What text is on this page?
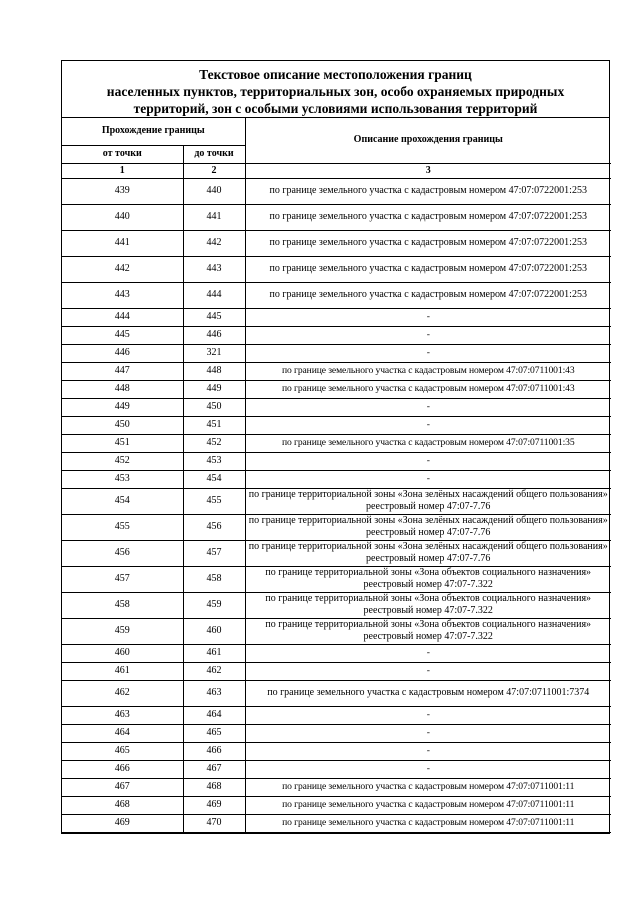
Текстовое описание местоположения границ
населенных пунктов, территориальных зон, особо охраняемых природных
территорий, зон с особыми условиями использования территорий
Прохождение границы		Описание прохождения границы
от точки	до точки	
1	2	3
439	440	по границе земельного участка с кадастровым номером 47:07:0722001:253
440	441	по границе земельного участка с кадастровым номером 47:07:0722001:253
441	442	по границе земельного участка с кадастровым номером 47:07:0722001:253
442	443	по границе земельного участка с кадастровым номером 47:07:0722001:253
443	444	по границе земельного участка с кадастровым номером 47:07:0722001:253
444	445	-
445	446	-
446	321	-
447	448	по границе земельного участка с кадастровым номером 47:07:0711001:43
448	449	по границе земельного участка с кадастровым номером 47:07:0711001:43
449	450	-
450	451	-
451	452	по границе земельного участка с кадастровым номером 47:07:0711001:35
452	453	-
453	454	-
454	455	по границе территориальной зоны «Зона зелёных насаждений общего пользования» реестровый номер 47:07-7.76
455	456	по границе территориальной зоны «Зона зелёных насаждений общего пользования» реестровый номер 47:07-7.76
456	457	по границе территориальной зоны «Зона зелёных насаждений общего пользования» реестровый номер 47:07-7.76
457	458	по границе территориальной зоны «Зона объектов социального назначения» реестровый номер 47:07-7.322
458	459	по границе территориальной зоны «Зона объектов социального назначения» реестровый номер 47:07-7.322
459	460	по границе территориальной зоны «Зона объектов социального назначения» реестровый номер 47:07-7.322
460	461	-
461	462	-
462	463	по границе земельного участка с кадастровым номером 47:07:0711001:7374
463	464	-
464	465	-
465	466	-
466	467	-
467	468	по границе земельного участка с кадастровым номером 47:07:0711001:11
468	469	по границе земельного участка с кадастровым номером 47:07:0711001:11
469	470	по границе земельного участка с кадастровым номером 47:07:0711001:11
